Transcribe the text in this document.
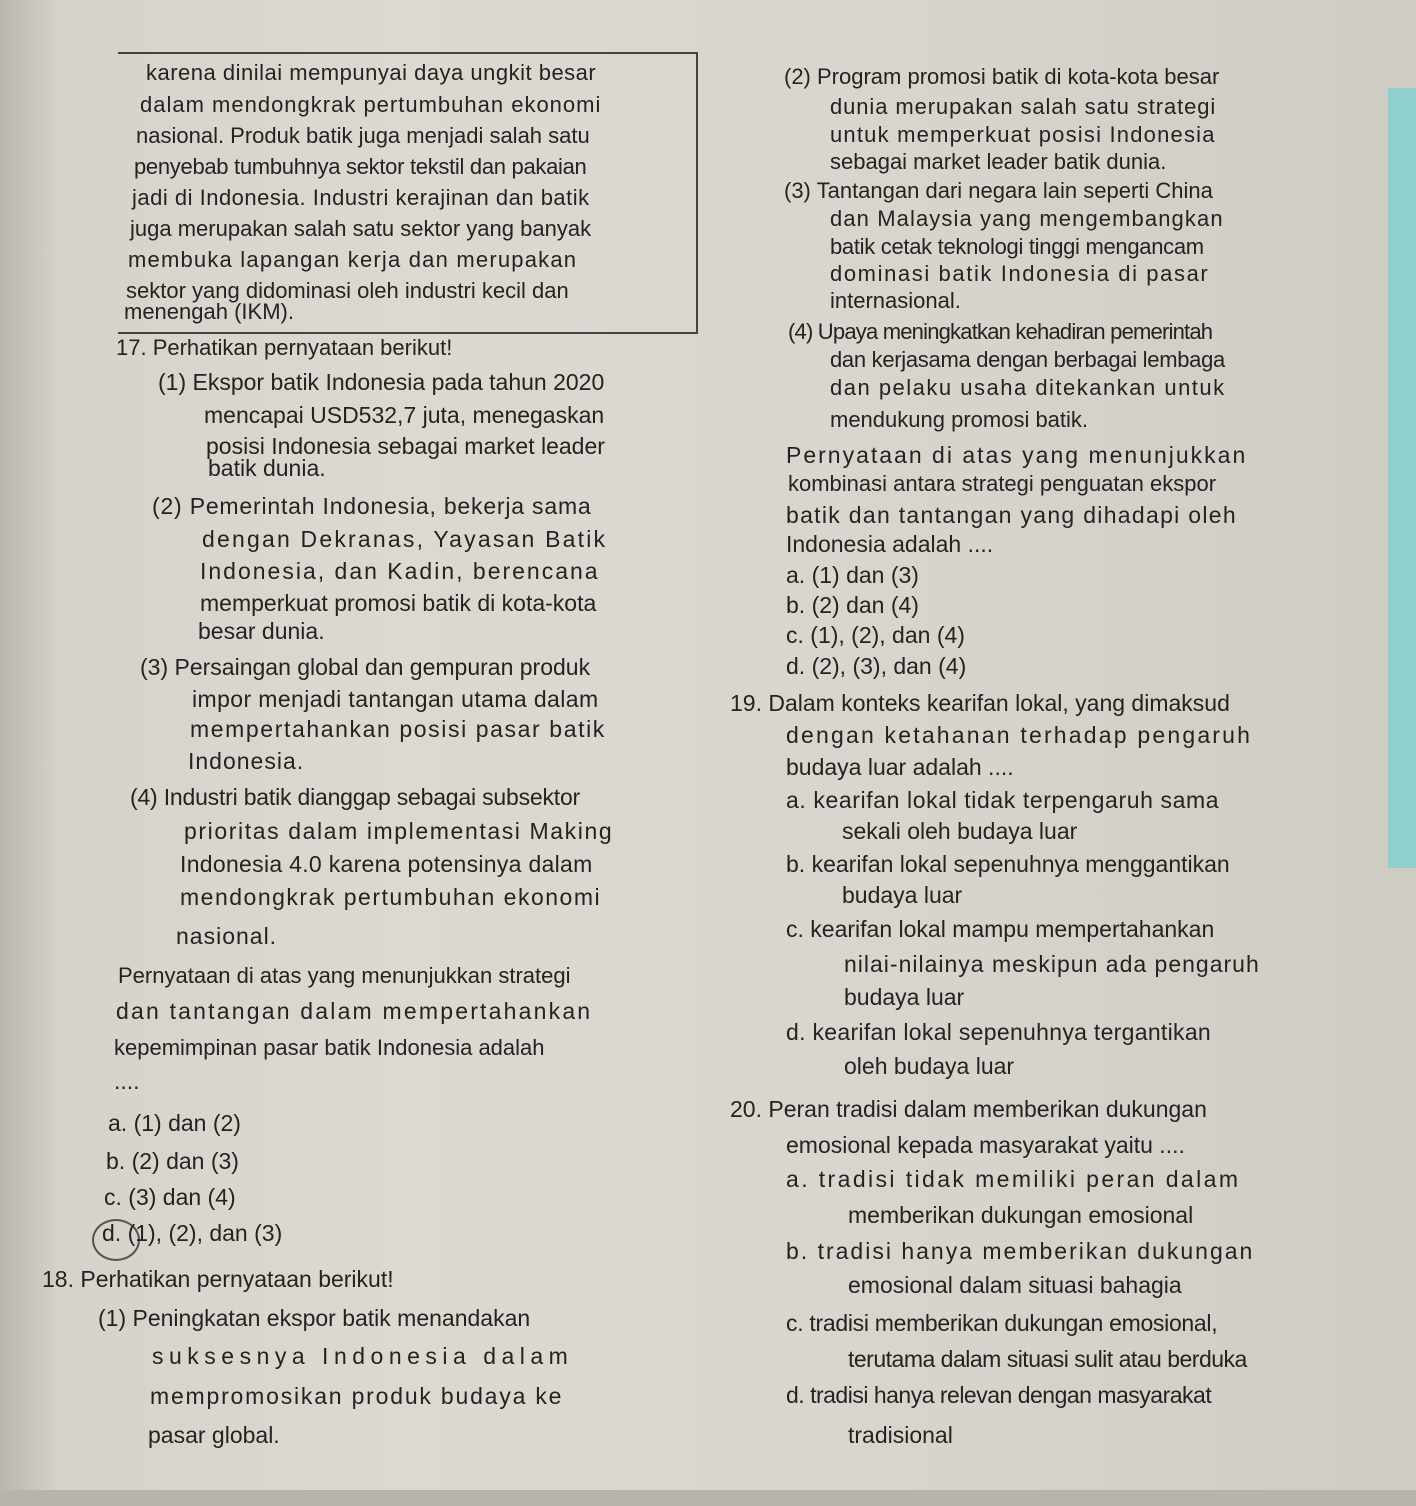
karena dinilai mempunyai daya ungkit besar
dalam mendongkrak pertumbuhan ekonomi
nasional. Produk batik juga menjadi salah satu
penyebab tumbuhnya sektor tekstil dan pakaian
jadi di Indonesia. Industri kerajinan dan batik
juga merupakan salah satu sektor yang banyak
membuka lapangan kerja dan merupakan
sektor yang didominasi oleh industri kecil dan
menengah (IKM).
17. Perhatikan pernyataan berikut!
(1) Ekspor batik Indonesia pada tahun 2020
mencapai USD532,7 juta, menegaskan
posisi Indonesia sebagai market leader
batik dunia.
(2) Pemerintah Indonesia, bekerja sama
dengan Dekranas, Yayasan Batik
Indonesia, dan Kadin, berencana
memperkuat promosi batik di kota-kota
besar dunia.
(3) Persaingan global dan gempuran produk
impor menjadi tantangan utama dalam
mempertahankan posisi pasar batik
Indonesia.
(4) Industri batik dianggap sebagai subsektor
prioritas dalam implementasi Making
Indonesia 4.0 karena potensinya dalam
mendongkrak pertumbuhan ekonomi
nasional.
Pernyataan di atas yang menunjukkan strategi
dan tantangan dalam mempertahankan
kepemimpinan pasar batik Indonesia adalah
....
a. (1) dan (2)
b. (2) dan (3)
c. (3) dan (4)
d. (1), (2), dan (3)
18. Perhatikan pernyataan berikut!
(1) Peningkatan ekspor batik menandakan
suksesnya Indonesia dalam
mempromosikan produk budaya ke
pasar global.
(2) Program promosi batik di kota-kota besar
dunia merupakan salah satu strategi
untuk memperkuat posisi Indonesia
sebagai market leader batik dunia.
(3) Tantangan dari negara lain seperti China
dan Malaysia yang mengembangkan
batik cetak teknologi tinggi mengancam
dominasi batik Indonesia di pasar
internasional.
(4) Upaya meningkatkan kehadiran pemerintah
dan kerjasama dengan berbagai lembaga
dan pelaku usaha ditekankan untuk
mendukung promosi batik.
Pernyataan di atas yang menunjukkan
kombinasi antara strategi penguatan ekspor
batik dan tantangan yang dihadapi oleh
Indonesia adalah ....
a. (1) dan (3)
b. (2) dan (4)
c. (1), (2), dan (4)
d. (2), (3), dan (4)
19. Dalam konteks kearifan lokal, yang dimaksud
dengan ketahanan terhadap pengaruh
budaya luar adalah ....
a. kearifan lokal tidak terpengaruh sama
sekali oleh budaya luar
b. kearifan lokal sepenuhnya menggantikan
budaya luar
c. kearifan lokal mampu mempertahankan
nilai-nilainya meskipun ada pengaruh
budaya luar
d. kearifan lokal sepenuhnya tergantikan
oleh budaya luar
20. Peran tradisi dalam memberikan dukungan
emosional kepada masyarakat yaitu ....
a. tradisi tidak memiliki peran dalam
memberikan dukungan emosional
b. tradisi hanya memberikan dukungan
emosional dalam situasi bahagia
c. tradisi memberikan dukungan emosional,
terutama dalam situasi sulit atau berduka
d. tradisi hanya relevan dengan masyarakat
tradisional
